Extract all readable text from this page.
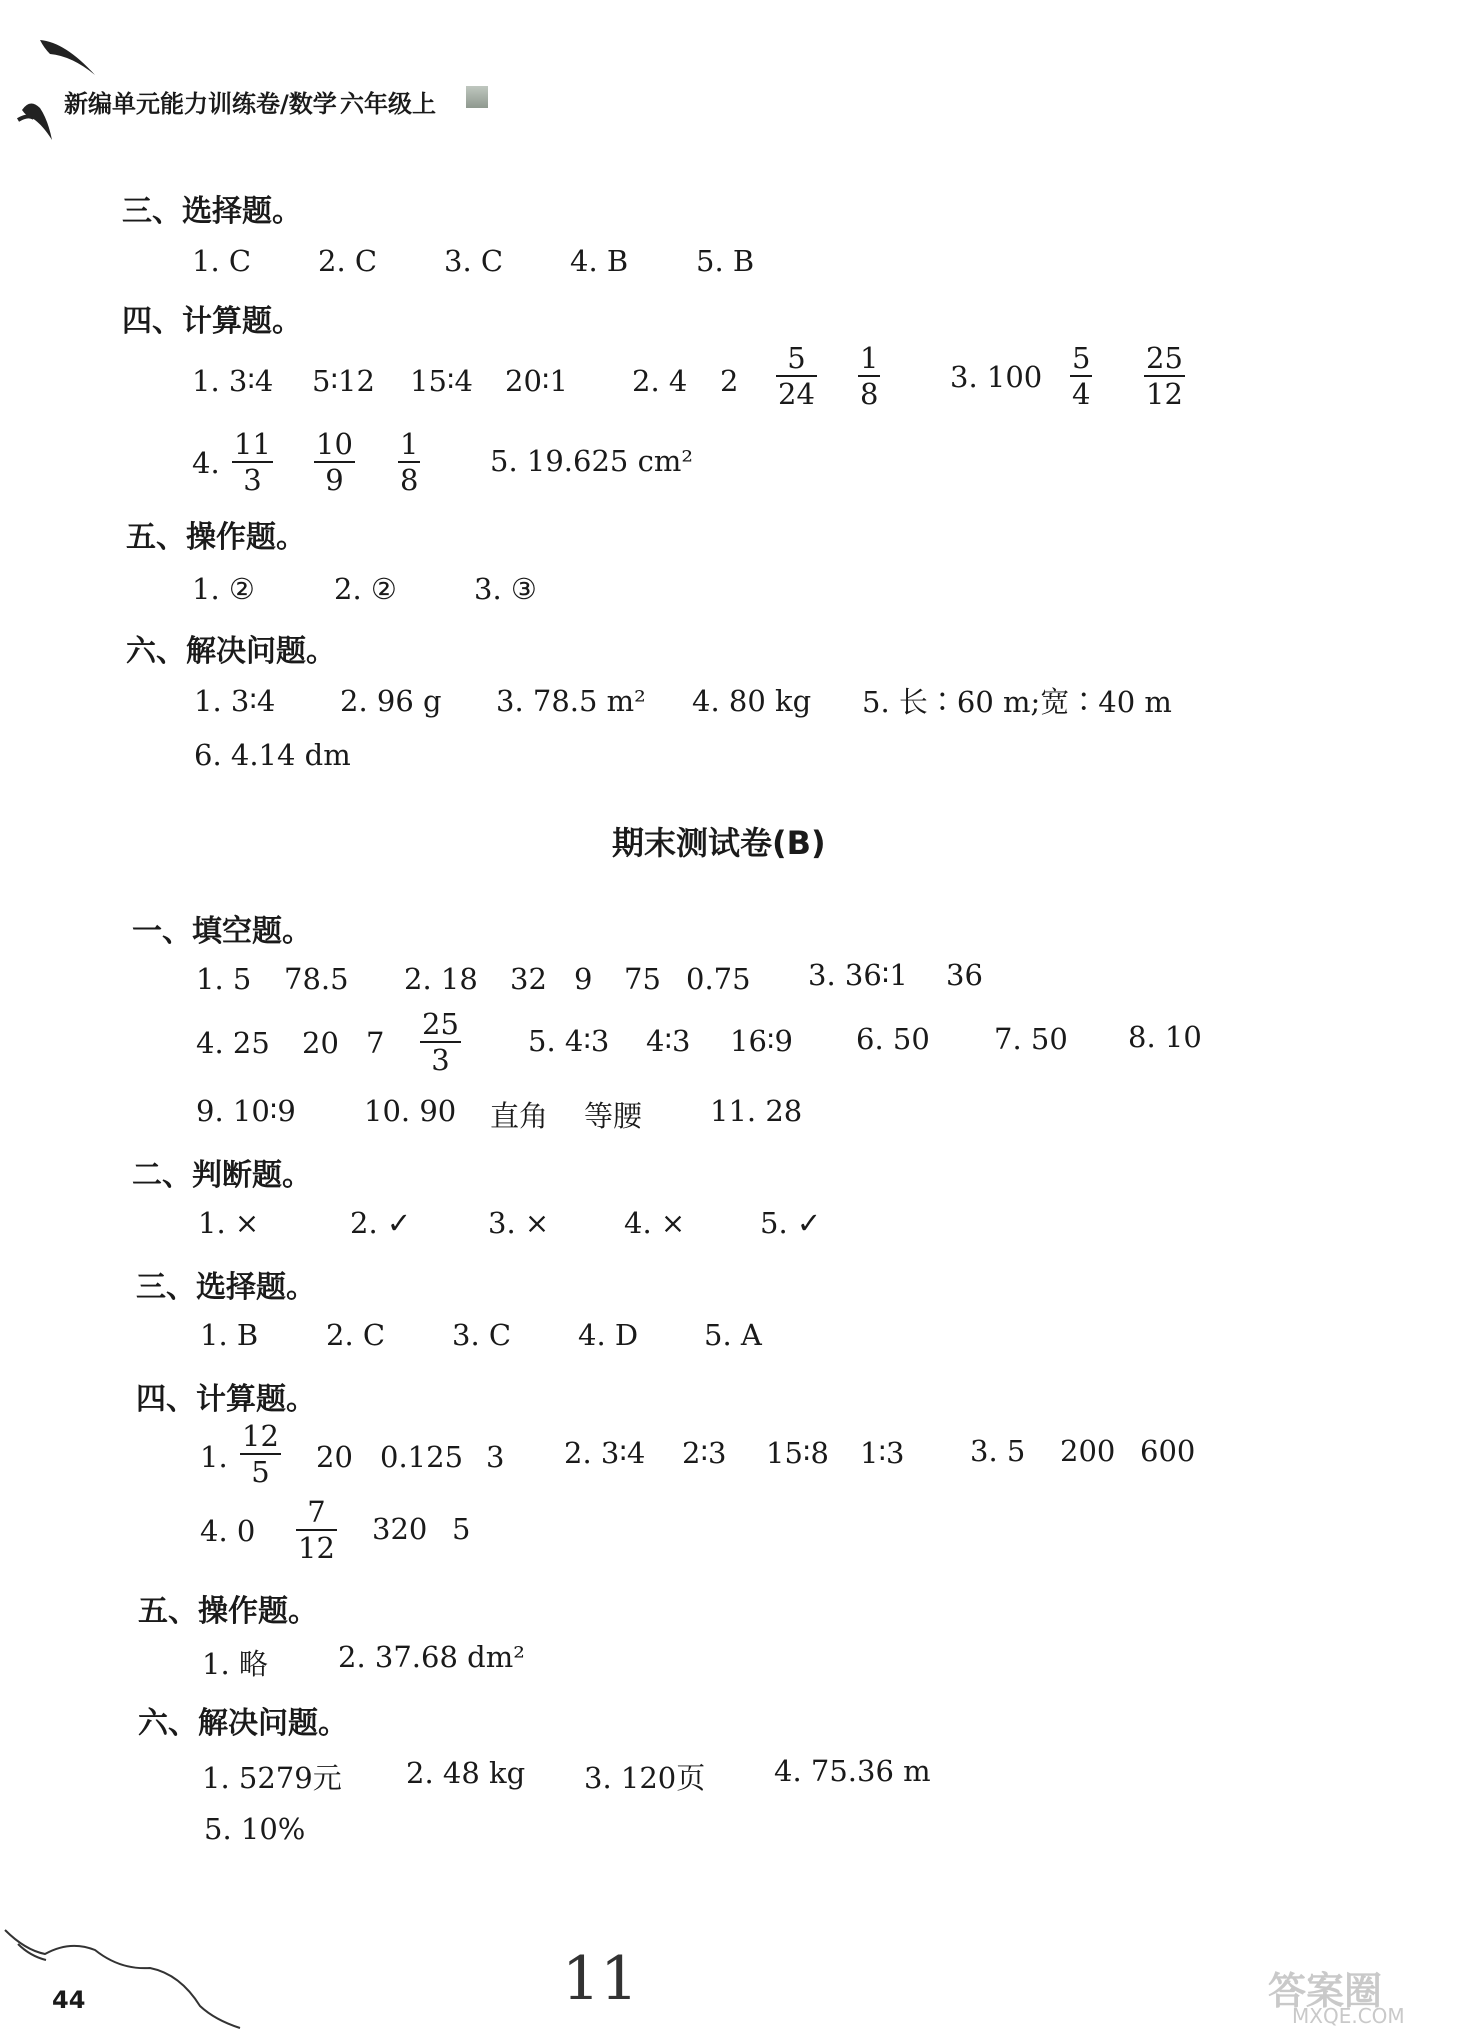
新编单元能力训练卷/数学 六年级上
三、选择题。
1. C 2. C 3. C 4. B 5. B
四、计算题。
1. 3∶4 5∶12 15∶4 20∶1 2. 4 2
5
24
1
8 3. 100
5
4
25
12
4.
11
3
10
9
1
8
5. 19.625 cm²
五、操作题。
1. ②	2. ②	3. ③
六、解决问题。
1. 3∶4 2. 96 g 3. 78.5 m² 4. 80 kg 5. 长∶60 m;宽∶40 m
6. 4.14 dm
期末测试卷(B)
一、填空题。
1. 5 78.5 2. 18 32 9 75 0.75 3. 36∶1 36
4. 25 20 7
25
3
5. 4∶3 4∶3 16∶9 6. 50 7. 50 8. 10
9. 10∶9 10. 90 直角 等腰 11. 28
二、判断题。
1. ×	2. ✓	3. ×	4. ×	5. ✓
三、选择题。
1. B 2. C 3. C 4. D 5. A
四、计算题。
1.
12
5 20 0.125 3 2. 3∶4 2∶3 15∶8 1∶3 3. 5 200 600
4. 0
7
12
320 5
五、操作题。
1. 略 2. 37.68 dm²
六、解决问题。
1. 5279元 2. 48 kg 3. 120页 4. 75.36 m
5. 10%
44	11	答案圈
MXQE.COM
